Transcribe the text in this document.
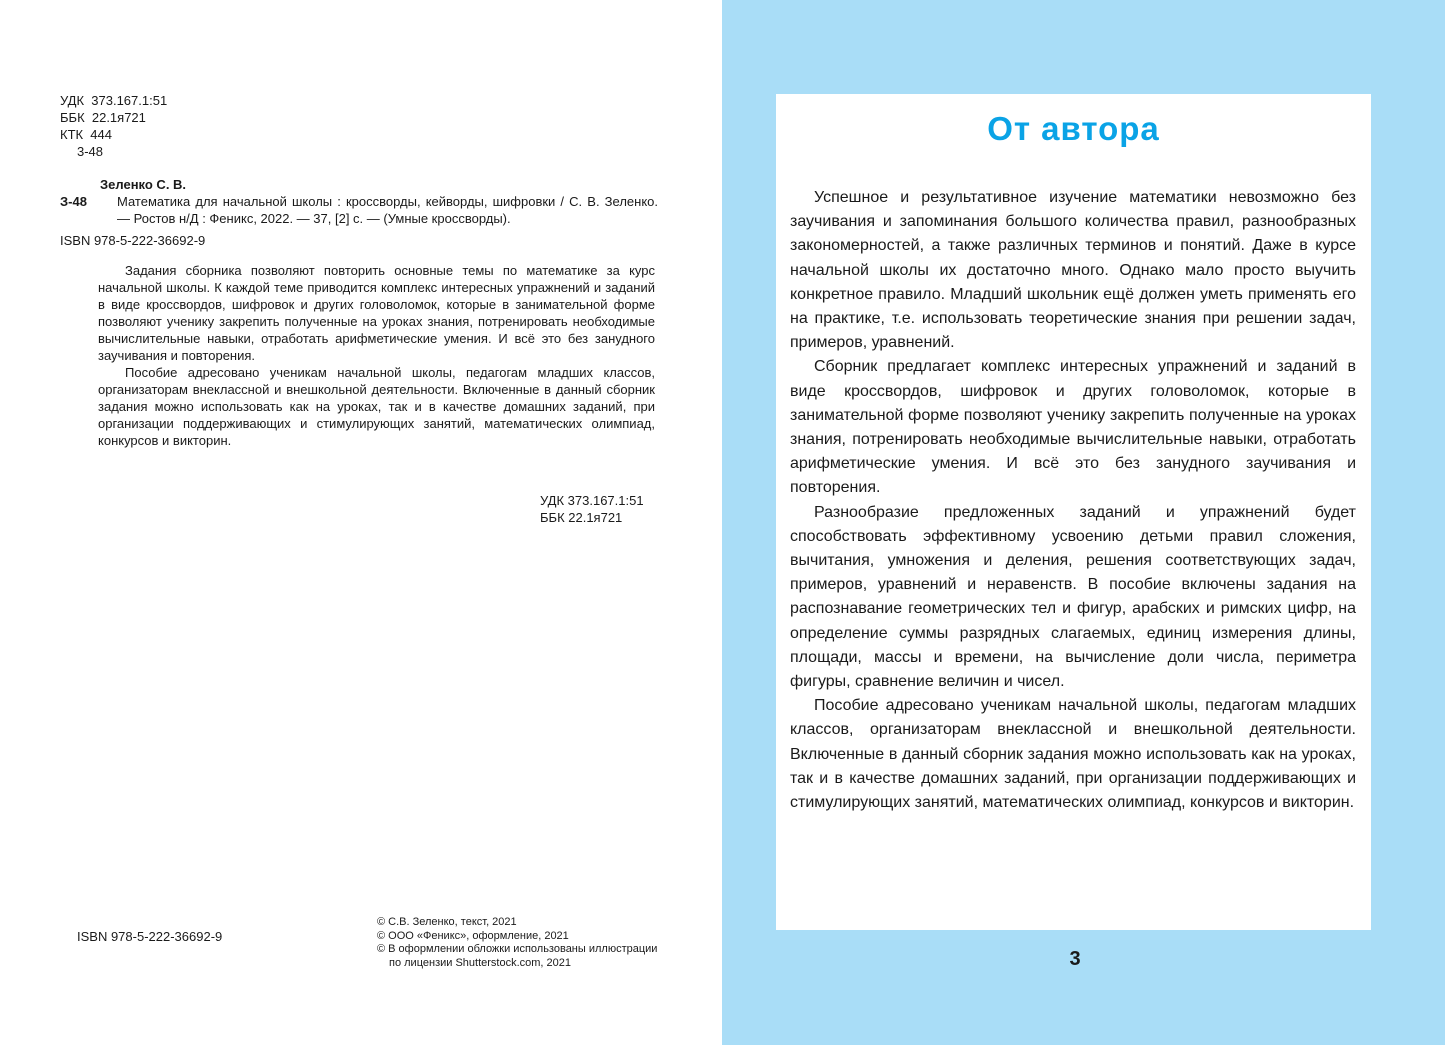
УДК  373.167.1:51
ББК  22.1я721
КТК  444
3-48
Зеленко С. В.
З-48	Математика для начальной школы : кроссворды, кейворды, шифровки / С. В. Зеленко. — Ростов н/Д : Феникс, 2022. — 37, [2] с. — (Умные кроссворды).
ISBN 978-5-222-36692-9

Задания сборника позволяют повторить основные темы по математике за курс начальной школы. К каждой теме приводится комплекс интересных упражнений и заданий в виде кроссвордов, шифровок и других головоломок, которые в занимательной форме позволяют ученику закрепить полученные на уроках знания, потренировать необходимые вычислительные навыки, отработать арифметические умения. И всё это без занудного заучивания и повторения.

Пособие адресовано ученикам начальной школы, педагогам младших классов, организаторам внеклассной и внешкольной деятельности. Включенные в данный сборник задания можно использовать как на уроках, так и в качестве домашних заданий, при организации поддерживающих и стимулирующих занятий, математических олимпиад, конкурсов и викторин.

УДК 373.167.1:51
ББК 22.1я721
ISBN 978-5-222-36692-9
© С.В. Зеленко, текст, 2021
© ООО «Феникс», оформление, 2021
© В оформлении обложки использованы иллюстрации по лицензии Shutterstock.com, 2021
От автора

Успешное и результативное изучение математики невозможно без заучивания и запоминания большого количества правил, разнообразных закономерностей, а также различных терминов и понятий. Даже в курсе начальной школы их достаточно много. Однако мало просто выучить конкретное правило. Младший школьник ещё должен уметь применять его на практике, т.е. использовать теоретические знания при решении задач, примеров, уравнений.

Сборник предлагает комплекс интересных упражнений и заданий в виде кроссвордов, шифровок и других головоломок, которые в занимательной форме позволяют ученику закрепить полученные на уроках знания, потренировать необходимые вычислительные навыки, отработать арифметические умения. И всё это без занудного заучивания и повторения.

Разнообразие предложенных заданий и упражнений будет способствовать эффективному усвоению детьми правил сложения, вычитания, умножения и деления, решения соответствующих задач, примеров, уравнений и неравенств. В пособие включены задания на распознавание геометрических тел и фигур, арабских и римских цифр, на определение суммы разрядных слагаемых, единиц измерения длины, площади, массы и времени, на вычисление доли числа, периметра фигуры, сравнение величин и чисел.

Пособие адресовано ученикам начальной школы, педагогам младших классов, организаторам внеклассной и внешкольной деятельности. Включенные в данный сборник задания можно использовать как на уроках, так и в качестве домашних заданий, при организации поддерживающих и стимулирующих занятий, математических олимпиад, конкурсов и викторин.

3
